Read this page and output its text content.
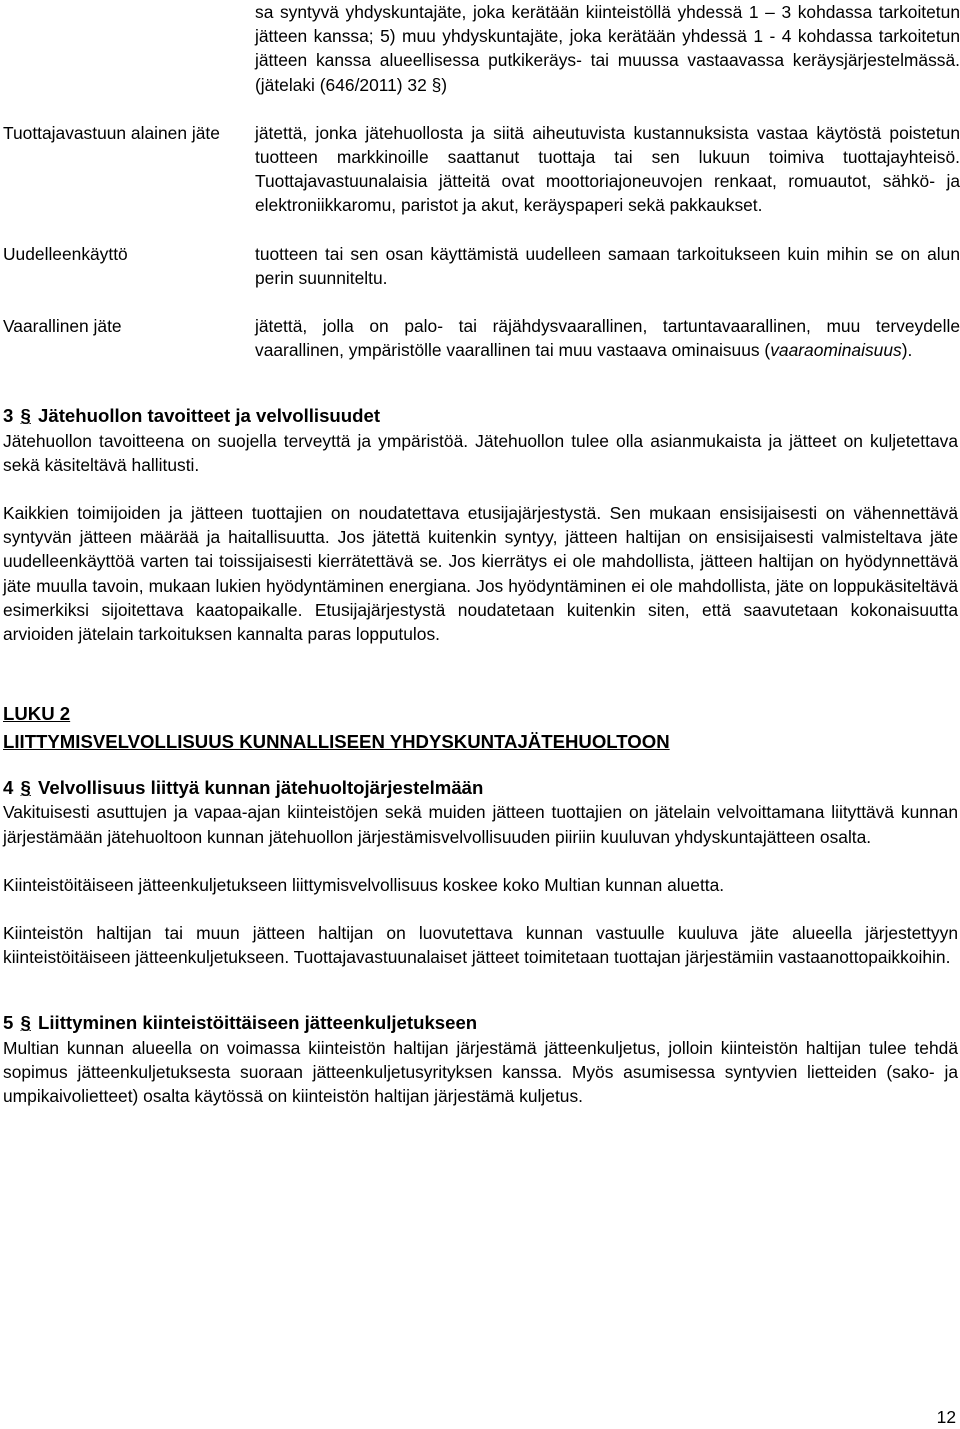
sa syntyvä yhdyskuntajäte, joka kerätään kiinteistöllä yhdessä 1 – 3 kohdassa tarkoitetun jätteen kanssa; 5) muu yhdyskuntajäte, joka kerätään yhdessä 1 - 4 kohdassa tarkoitetun jätteen kanssa alueellisessa putkikeräys- tai muussa vastaavassa keräysjärjestelmässä. (jätelaki (646/2011) 32 §)
Tuottajavastuun alainen jäte	jätettä, jonka jätehuollosta ja siitä aiheutuvista kustannuksista vastaa käytöstä poistetun tuotteen markkinoille saattanut tuottaja tai sen lukuun toimiva tuottajayhteisö. Tuottajavastuunalaisia jätteitä ovat moottoriajoneuvojen renkaat, romuautot, sähkö- ja elektroniikkaromu, paristot ja akut, keräyspaperi sekä pakkaukset.
Uudelleenkäyttö	tuotteen tai sen osan käyttämistä uudelleen samaan tarkoitukseen kuin mihin se on alun perin suunniteltu.
Vaarallinen jäte	jätettä, jolla on palo- tai räjähdysvaarallinen, tartuntavaarallinen, muu terveydelle vaarallinen, ympäristölle vaarallinen tai muu vastaava ominaisuus (vaaraominaisuus).
3 § Jätehuollon tavoitteet ja velvollisuudet

Jätehuollon tavoitteena on suojella terveyttä ja ympäristöä. Jätehuollon tulee olla asianmukaista ja jätteet on kuljetettava sekä käsiteltävä hallitusti.

Kaikkien toimijoiden ja jätteen tuottajien on noudatettava etusijajärjestystä. Sen mukaan ensisijaisesti on vähennettävä syntyvän jätteen määrää ja haitallisuutta. Jos jätettä kuitenkin syntyy, jätteen haltijan on ensisijaisesti valmisteltava jäte uudelleenkäyttöä varten tai toissijaisesti kierrätettävä se. Jos kierrätys ei ole mahdollista, jätteen haltijan on hyödynnettävä jäte muulla tavoin, mukaan lukien hyödyntäminen energiana. Jos hyödyntäminen ei ole mahdollista, jäte on loppukäsiteltävä esimerkiksi sijoitettava kaatopaikalle. Etusijajärjestystä noudatetaan kuitenkin siten, että saavutetaan kokonaisuutta arvioiden jätelain tarkoituksen kannalta paras lopputulos.

LUKU 2
LIITTYMISVELVOLLISUUS KUNNALLISEEN YHDYSKUNTAJÄTEHUOLTOON
4 § Velvollisuus liittyä kunnan jätehuoltojärjestelmään

Vakituisesti asuttujen ja vapaa-ajan kiinteistöjen sekä muiden jätteen tuottajien on jätelain velvoittamana liityttävä kunnan järjestämään jätehuoltoon kunnan jätehuollon järjestämisvelvollisuuden piiriin kuuluvan yhdyskuntajätteen osalta.

Kiinteistöitäiseen jätteenkuljetukseen liittymisvelvollisuus koskee koko Multian kunnan aluetta.

Kiinteistön haltijan tai muun jätteen haltijan on luovutettava kunnan vastuulle kuuluva jäte alueella järjestettyyn kiinteistöitäiseen jätteenkuljetukseen. Tuottajavastuunalaiset jätteet toimitetaan tuottajan järjestämiin vastaanottopaikkoihin.

5 § Liittyminen kiinteistöittäiseen jätteenkuljetukseen

Multian kunnan alueella on voimassa kiinteistön haltijan järjestämä jätteenkuljetus, jolloin kiinteistön haltijan tulee tehdä sopimus jätteenkuljetuksesta suoraan jätteenkuljetusyrityksen kanssa. Myös asumisessa syntyvien lietteiden (sako- ja umpikaivolietteet) osalta käytössä on kiinteistön haltijan järjestämä kuljetus.

12
